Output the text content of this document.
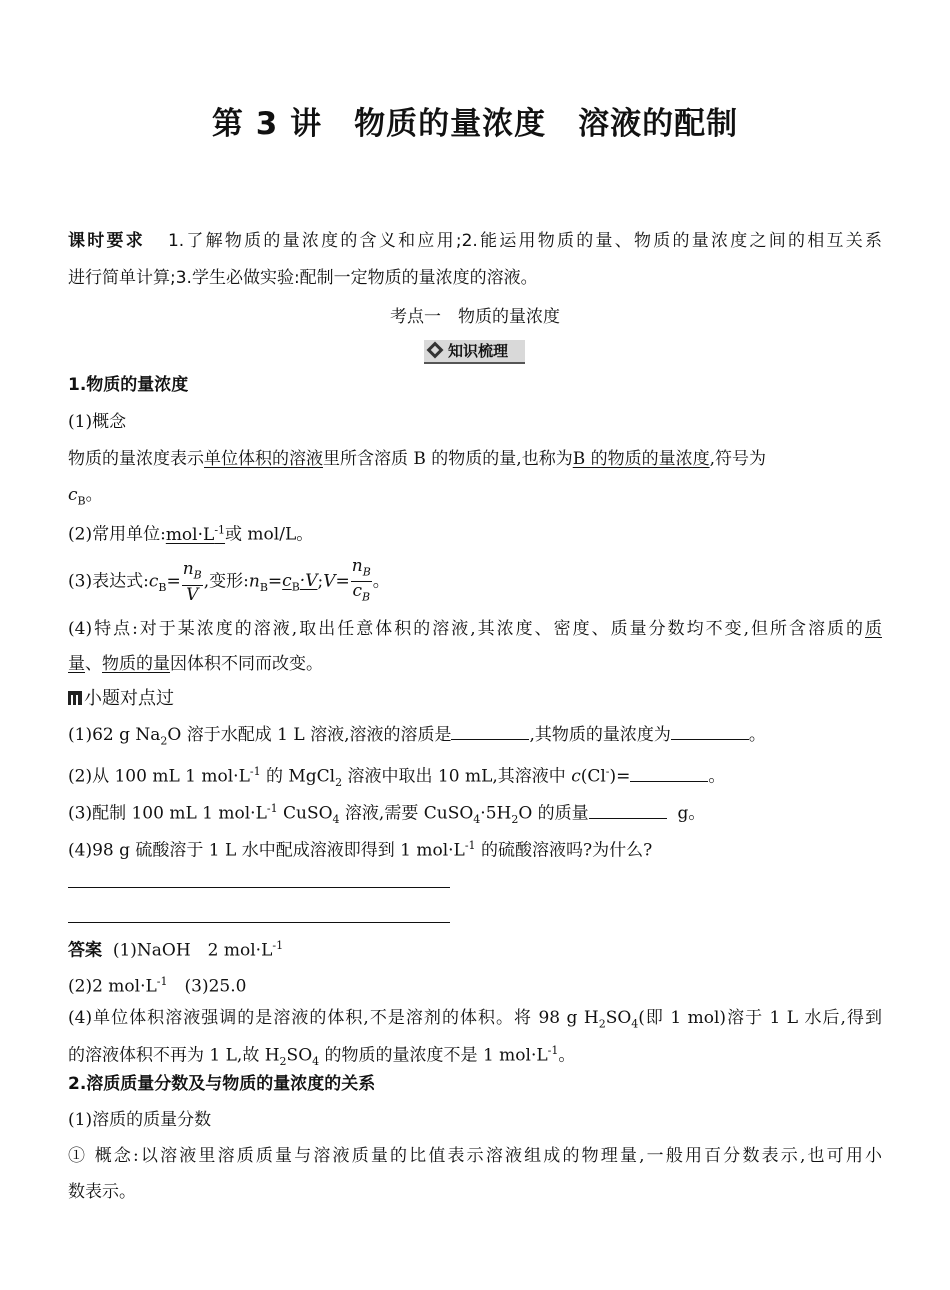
第 3 讲　物质的量浓度　溶液的配制
课时要求 1.了解物质的量浓度的含义和应用;2.能运用物质的量、物质的量浓度之间的相互关系
进行简单计算;3.学生必做实验:配制一定物质的量浓度的溶液。
考点一　物质的量浓度
知识梳理
1.物质的量浓度
(1)概念
物质的量浓度表示单位体积的溶液里所含溶质 B 的物质的量,也称为B 的物质的量浓度,符号为
$c_B$。
(2)常用单位$:mol\cdot L^{-1}$或 mol/L。
(3)表达式$:c_B= \frac{n_B}{V}$ ,变形$:n_B=c_B\cdot V;V= \frac{n_B}{c_B}$ 。
(4)特点:对于某浓度的溶液,取出任意体积的溶液,其浓度、密度、质量分数均不变,但所含溶质的质
量、物质的量因体积不同而改变。
小题对点过
(1)62 g $Na_2O$ 溶于水配成 1 L 溶液,溶液的溶质是	,其物质的量浓度为	。
(2)从 100 mL 1 $mol\cdot L^{-1}$ 的 MgCl$_2$ 溶液中取出 10 mL,其溶液中 c(Cl-)=	。
(3)配制 100 mL 1 $mol\cdot L^{-1}$ CuSO$_4$ 溶液,需要 $CuSO_4\cdot 5H_2O$ 的质量	g。
(4)98 g 硫酸溶于 1 L 水中配成溶液即得到 1 $mol\cdot L^{-1}$ 的硫酸溶液吗?为什么?
答案 (1)NaOH　2 $mol\cdot L^{-1}$
(2)2 $mol\cdot L^{-1}$　(3)25.0
(4)单位体积溶液强调的是溶液的体积,不是溶剂的体积。将 98 g $H_2SO_4$(即 1 mol)溶于 1 L 水后,得到
的溶液体积不再为 1 L,故 $H_2SO_4$ 的物质的量浓度不是 1 $mol\cdot L^{-1}$。
2.溶质质量分数及与物质的量浓度的关系
(1)溶质的质量分数
① 概念:以溶液里溶质质量与溶液质量的比值表示溶液组成的物理量,一般用百分数表示,也可用小
数表示。
